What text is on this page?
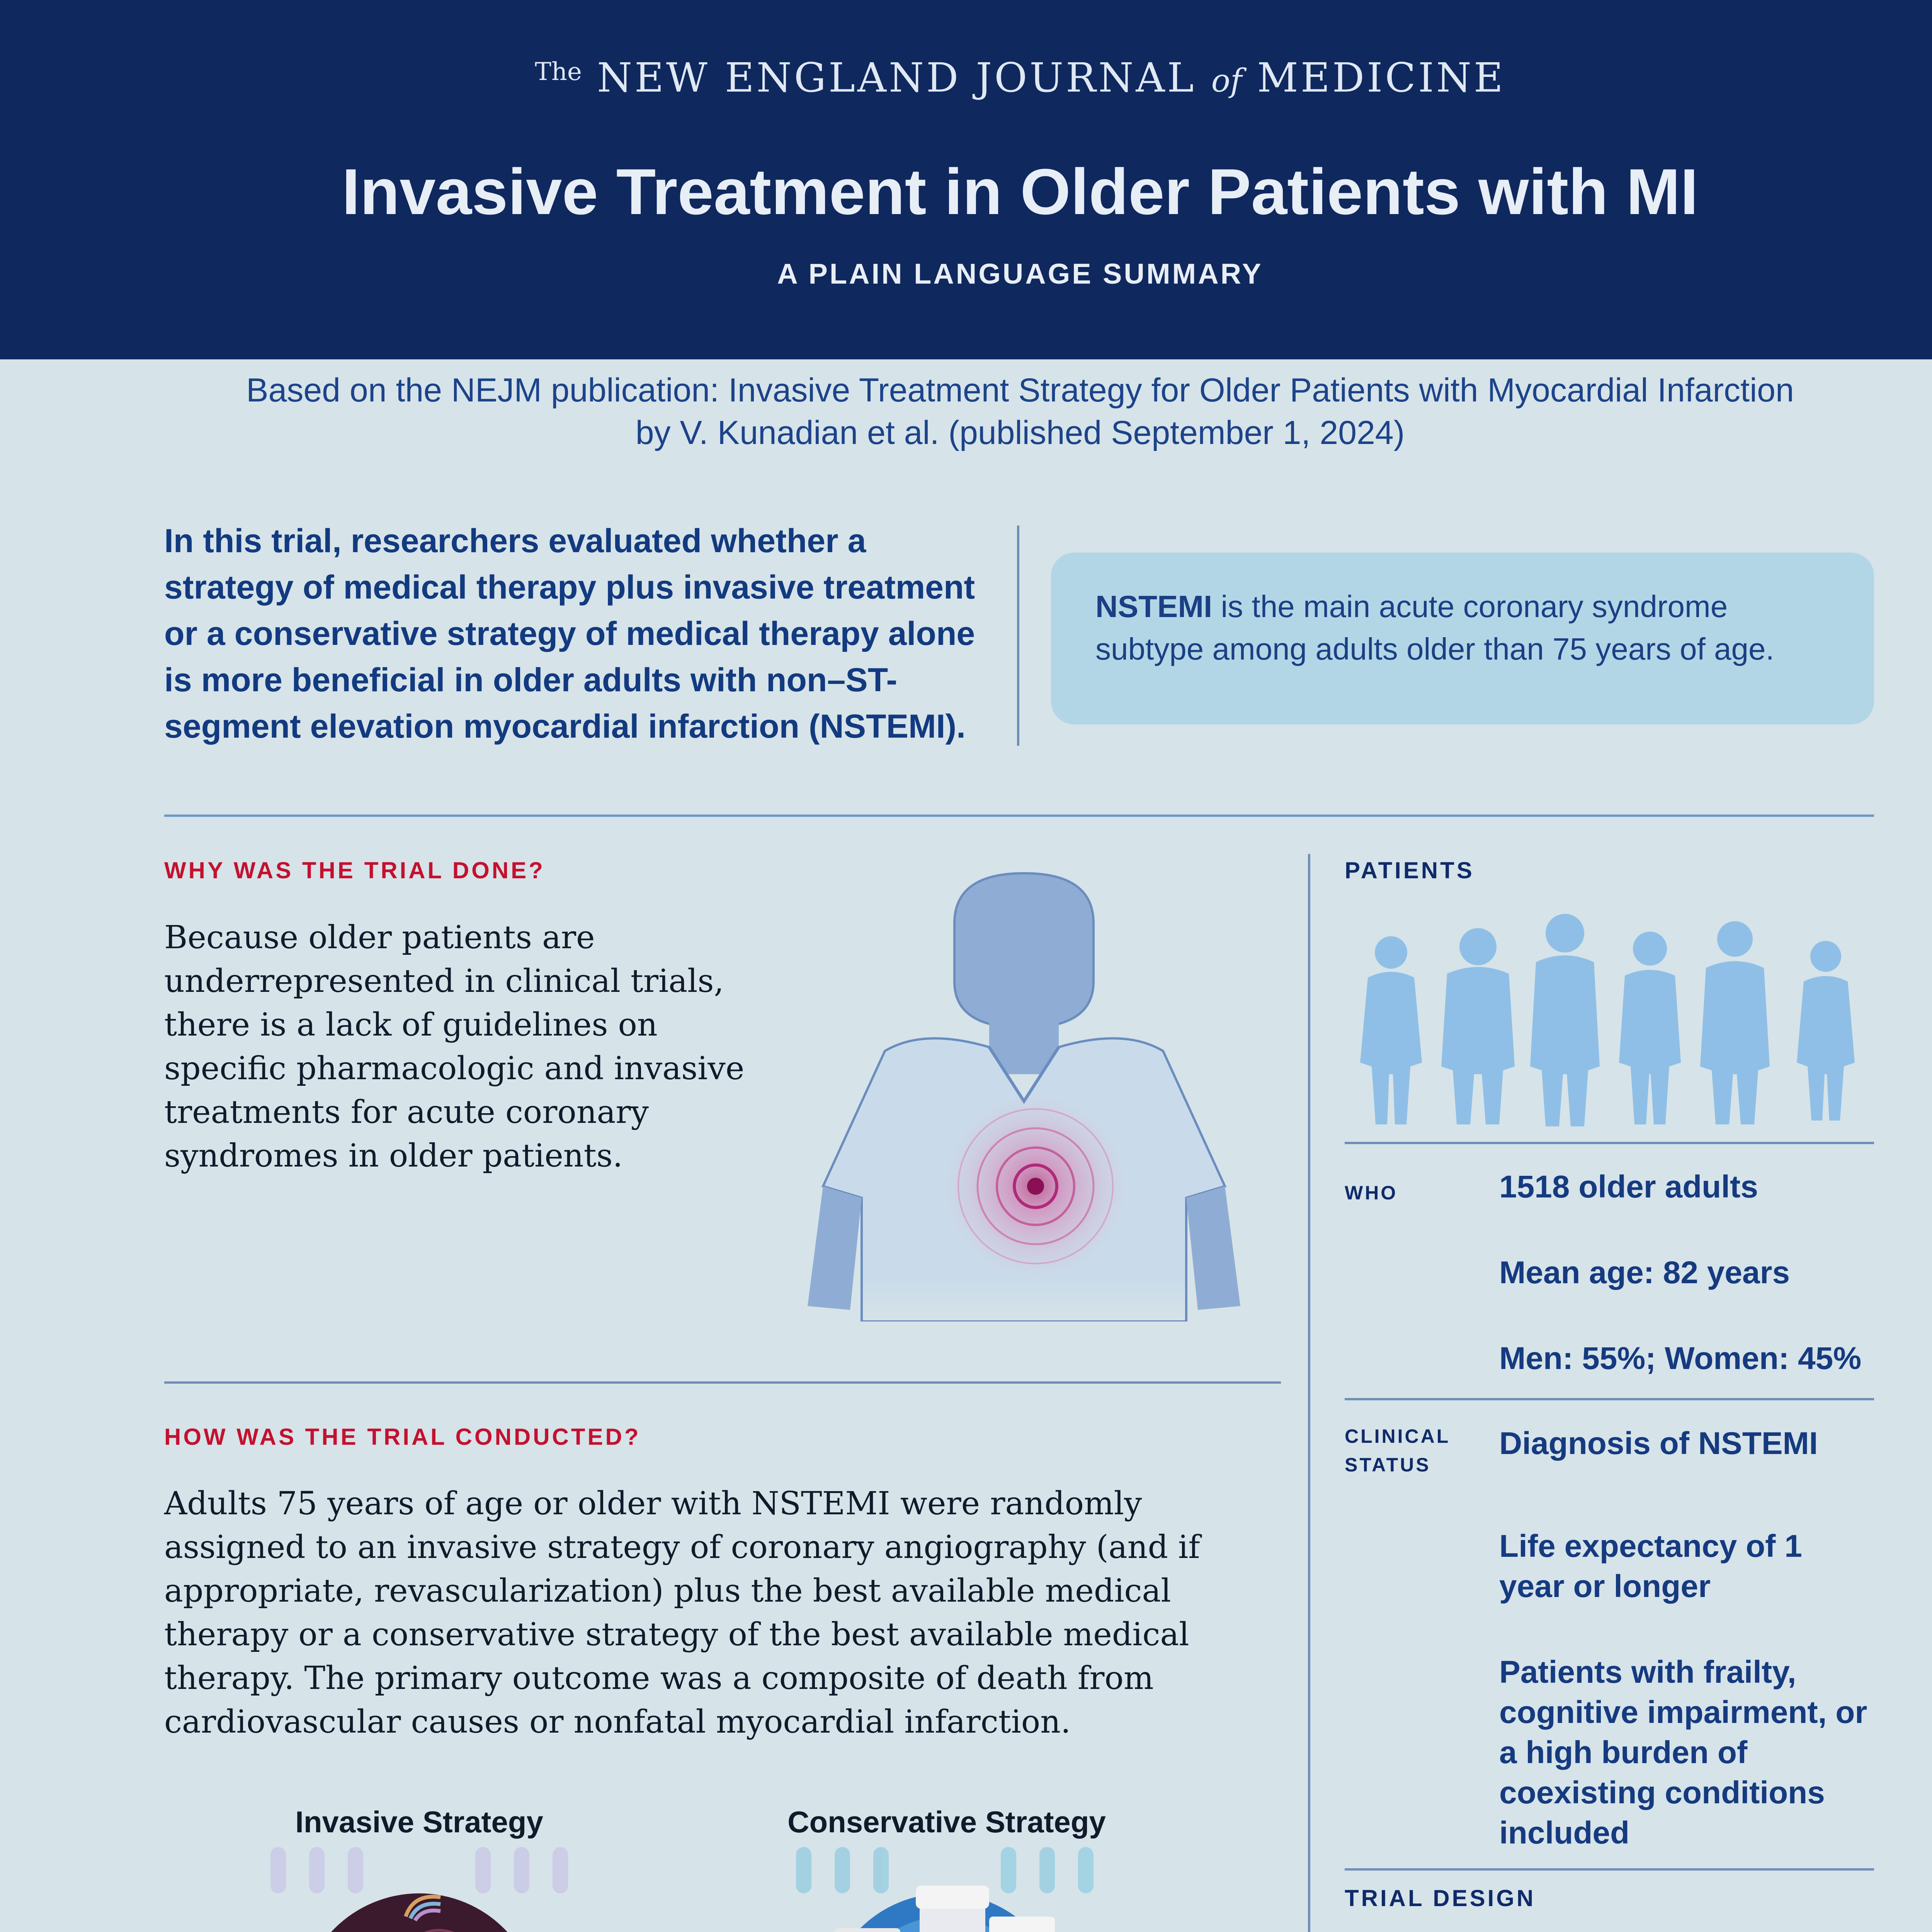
$^{The}$ NEW ENGLAND JOURNAL of MEDICINE
Invasive Treatment in Older Patients with MI
A PLAIN LANGUAGE SUMMARY
Based on the NEJM publication: Invasive Treatment Strategy for Older Patients with Myocardial Infarction
by V. Kunadian et al. (published September 1, 2024)
In this trial, researchers evaluated whether a strategy of medical therapy plus invasive treatment or a conservative strategy of medical therapy alone is more beneficial in older adults with non–ST-segment elevation myocardial infarction (NSTEMI).
NSTEMI is the main acute coronary syndrome subtype among adults older than 75 years of age.
WHY WAS THE TRIAL DONE?
Because older patients are underrepresented in clinical trials, there is a lack of guidelines on specific pharmacologic and invasive treatments for acute coronary syndromes in older patients.
HOW WAS THE TRIAL CONDUCTED?
Adults 75 years of age or older with NSTEMI were randomly assigned to an invasive strategy of coronary angiography (and if appropriate, revascularization) plus the best available medical therapy or a conservative strategy of the best available medical therapy. The primary outcome was a composite of death from cardiovascular causes or nonfatal myocardial infarction.
Invasive Strategy	Conservative Strategy
PATIENTS
WHO	1518 older adults
Mean age: 82 years
Men: 55%; Women: 45%
CLINICAL
STATUS
Diagnosis of NSTEMI
Life expectancy of 1 year or longer
Patients with frailty, cognitive impairment, or a high burden of coexisting conditions included
TRIAL DESIGN
